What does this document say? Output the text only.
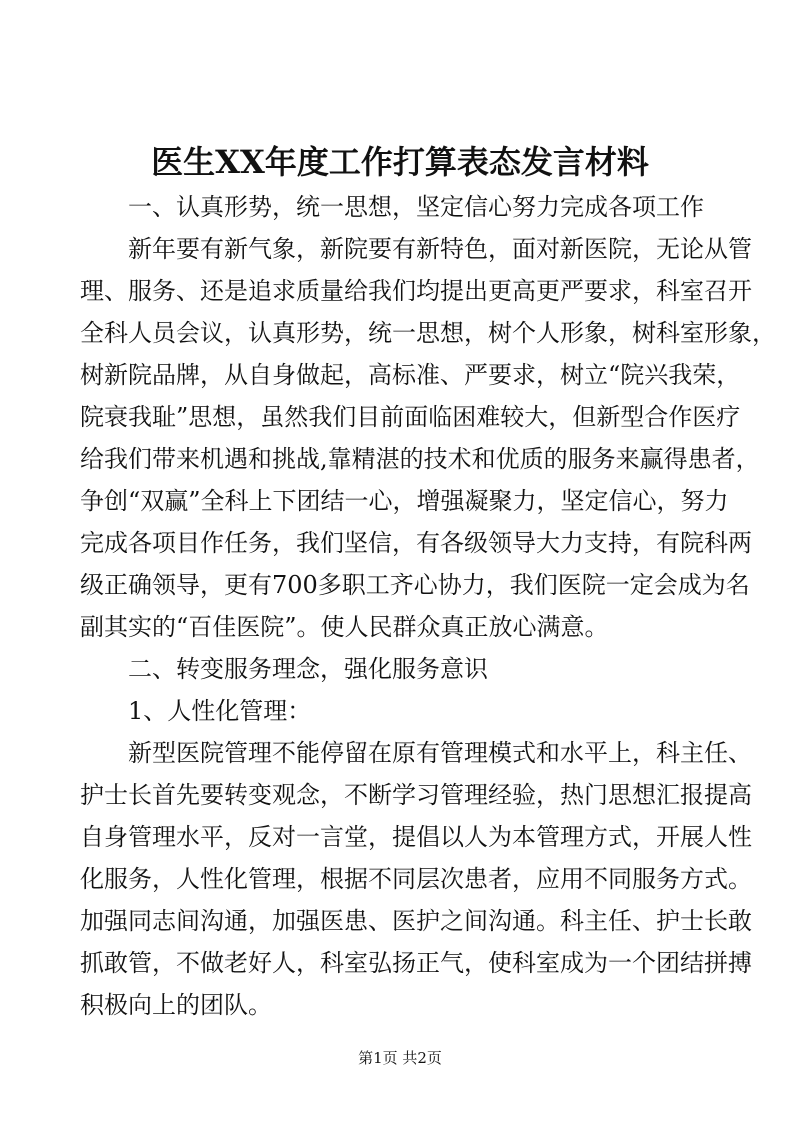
医生XX年度工作打算表态发言材料
一、认真形势，统一思想，坚定信心努力完成各项工作
新年要有新气象，新院要有新特色，面对新医院，无论从管
理、服务、还是追求质量给我们均提出更高更严要求，科室召开
全科人员会议，认真形势，统一思想，树个人形象，树科室形象，
树新院品牌，从自身做起，高标准、严要求，树立“院兴我荣，
院衰我耻”思想，虽然我们目前面临困难较大，但新型合作医疗
给我们带来机遇和挑战,靠精湛的技术和优质的服务来赢得患者，
争创“双赢”全科上下团结一心，增强凝聚力，坚定信心，努力
完成各项目作任务，我们坚信，有各级领导大力支持，有院科两
级正确领导，更有700多职工齐心协力，我们医院一定会成为名
副其实的“百佳医院”。使人民群众真正放心满意。
二、转变服务理念，强化服务意识
1、人性化管理：
新型医院管理不能停留在原有管理模式和水平上，科主任、
护士长首先要转变观念，不断学习管理经验，热门思想汇报提高
自身管理水平，反对一言堂，提倡以人为本管理方式，开展人性
化服务，人性化管理，根据不同层次患者，应用不同服务方式。
加强同志间沟通，加强医患、医护之间沟通。科主任、护士长敢
抓敢管，不做老好人，科室弘扬正气，使科室成为一个团结拼搏
积极向上的团队。
第1页 共2页
